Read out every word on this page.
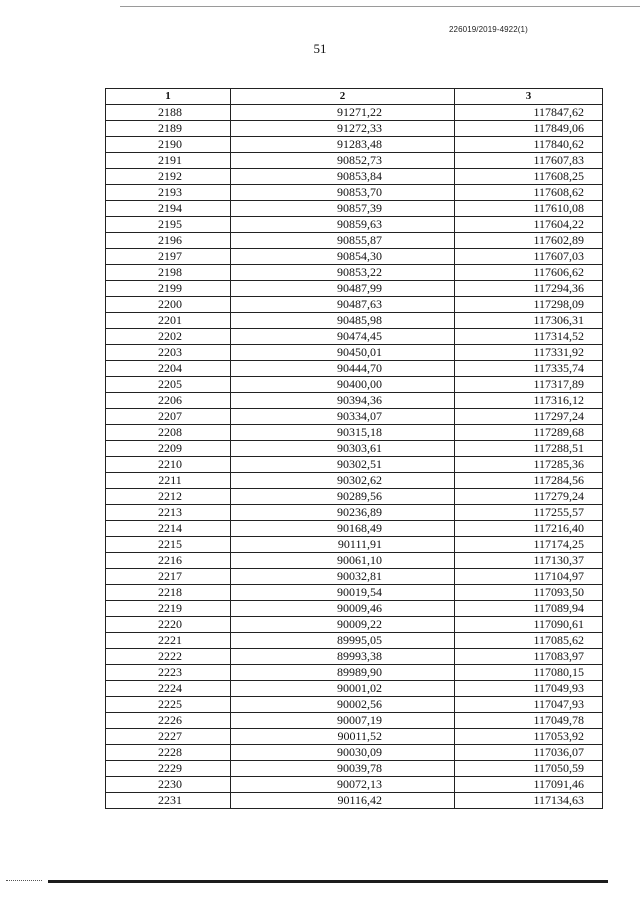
226019/2019-4922(1)
51
1	2	3
2188	91271,22	117847,62
2189	91272,33	117849,06
2190	91283,48	117840,62
2191	90852,73	117607,83
2192	90853,84	117608,25
2193	90853,70	117608,62
2194	90857,39	117610,08
2195	90859,63	117604,22
2196	90855,87	117602,89
2197	90854,30	117607,03
2198	90853,22	117606,62
2199	90487,99	117294,36
2200	90487,63	117298,09
2201	90485,98	117306,31
2202	90474,45	117314,52
2203	90450,01	117331,92
2204	90444,70	117335,74
2205	90400,00	117317,89
2206	90394,36	117316,12
2207	90334,07	117297,24
2208	90315,18	117289,68
2209	90303,61	117288,51
2210	90302,51	117285,36
2211	90302,62	117284,56
2212	90289,56	117279,24
2213	90236,89	117255,57
2214	90168,49	117216,40
2215	90111,91	117174,25
2216	90061,10	117130,37
2217	90032,81	117104,97
2218	90019,54	117093,50
2219	90009,46	117089,94
2220	90009,22	117090,61
2221	89995,05	117085,62
2222	89993,38	117083,97
2223	89989,90	117080,15
2224	90001,02	117049,93
2225	90002,56	117047,93
2226	90007,19	117049,78
2227	90011,52	117053,92
2228	90030,09	117036,07
2229	90039,78	117050,59
2230	90072,13	117091,46
2231	90116,42	117134,63
